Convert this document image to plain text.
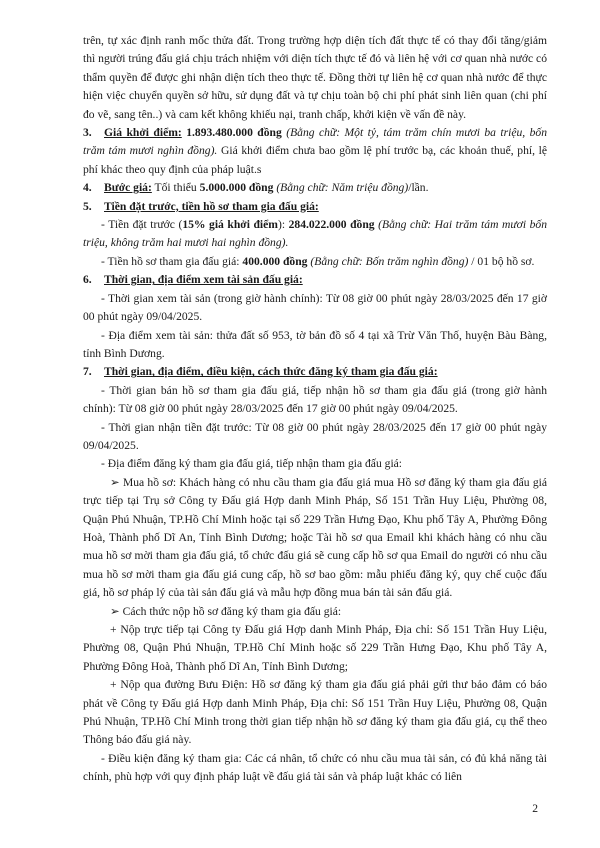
trên, tự xác định ranh mốc thửa đất. Trong trường hợp diện tích đất thực tế có thay đổi tăng/giảm thì người trúng đấu giá chịu trách nhiệm với diện tích thực tế đó và liên hệ với cơ quan nhà nước có thẩm quyền để được ghi nhận diện tích theo thực tế. Đồng thời tự liên hệ cơ quan nhà nước để thực hiện việc chuyển quyền sở hữu, sử dụng đất và tự chịu toàn bộ chi phí phát sinh liên quan (chi phí đo vẽ, sang tên..) và cam kết không khiếu nại, tranh chấp, khởi kiện về vấn đề này.

3. Giá khởi điểm: 1.893.480.000 đồng (Bằng chữ: Một tỷ, tám trăm chín mươi ba triệu, bốn trăm tám mươi nghìn đồng). Giá khởi điểm chưa bao gồm lệ phí trước bạ, các khoản thuế, phí, lệ phí khác theo quy định của pháp luật.s

4. Bước giá: Tối thiểu 5.000.000 đồng (Bằng chữ: Năm triệu đồng)/lần.

5. Tiền đặt trước, tiền hồ sơ tham gia đấu giá:

- Tiền đặt trước (15% giá khởi điểm): 284.022.000 đồng (Bằng chữ: Hai trăm tám mươi bốn triệu, không trăm hai mươi hai nghìn đồng).

- Tiền hồ sơ tham gia đấu giá: 400.000 đồng (Bằng chữ: Bốn trăm nghìn đồng) / 01 bộ hồ sơ.

6. Thời gian, địa điểm xem tài sản đấu giá:

- Thời gian xem tài sản (trong giờ hành chính): Từ 08 giờ 00 phút ngày 28/03/2025 đến 17 giờ 00 phút ngày 09/04/2025.

- Địa điểm xem tài sản: thửa đất số 953, tờ bản đồ số 4 tại xã Trừ Văn Thố, huyện Bàu Bàng, tỉnh Bình Dương.

7. Thời gian, địa điểm, điều kiện, cách thức đăng ký tham gia đấu giá:

- Thời gian bán hồ sơ tham gia đấu giá, tiếp nhận hồ sơ tham gia đấu giá (trong giờ hành chính): Từ 08 giờ 00 phút ngày 28/03/2025 đến 17 giờ 00 phút ngày 09/04/2025.

- Thời gian nhận tiền đặt trước: Từ 08 giờ 00 phút ngày 28/03/2025 đến 17 giờ 00 phút ngày 09/04/2025.

- Địa điểm đăng ký tham gia đấu giá, tiếp nhận tham gia đấu giá:

➢ Mua hồ sơ: Khách hàng có nhu cầu tham gia đấu giá mua Hồ sơ đăng ký tham gia đấu giá trực tiếp tại Trụ sở Công ty Đấu giá Hợp danh Minh Pháp, Số 151 Trần Huy Liệu, Phường 08, Quận Phú Nhuận, TP.Hồ Chí Minh hoặc tại số 229 Trần Hưng Đạo, Khu phố Tây A, Phường Đông Hoà, Thành phố Dĩ An, Tỉnh Bình Dương; hoặc Tài hồ sơ qua Email khi khách hàng có nhu cầu mua hồ sơ mời tham gia đấu giá, tổ chức đấu giá sẽ cung cấp hồ sơ qua Email do người có nhu cầu mua hồ sơ mời tham gia đấu giá cung cấp, hồ sơ bao gồm: mẫu phiếu đăng ký, quy chế cuộc đấu giá, hồ sơ pháp lý của tài sản đấu giá và mẫu hợp đồng mua bán tài sản đấu giá.

➢ Cách thức nộp hồ sơ đăng ký tham gia đấu giá:

+ Nộp trực tiếp tại Công ty Đấu giá Hợp danh Minh Pháp, Địa chỉ: Số 151 Trần Huy Liệu, Phường 08, Quận Phú Nhuận, TP.Hồ Chí Minh hoặc số 229 Trần Hưng Đạo, Khu phố Tây A, Phường Đông Hoà, Thành phố Dĩ An, Tỉnh Bình Dương;

+ Nộp qua đường Bưu Điện: Hồ sơ đăng ký tham gia đấu giá phải gửi thư bảo đảm có báo phát về Công ty Đấu giá Hợp danh Minh Pháp, Địa chỉ: Số 151 Trần Huy Liệu, Phường 08, Quận Phú Nhuận, TP.Hồ Chí Minh trong thời gian tiếp nhận hồ sơ đăng ký tham gia đấu giá, cụ thể theo Thông báo đấu giá này.

- Điều kiện đăng ký tham gia: Các cá nhân, tổ chức có nhu cầu mua tài sản, có đủ khả năng tài chính, phù hợp với quy định pháp luật về đấu giá tài sản và pháp luật khác có liên

2
